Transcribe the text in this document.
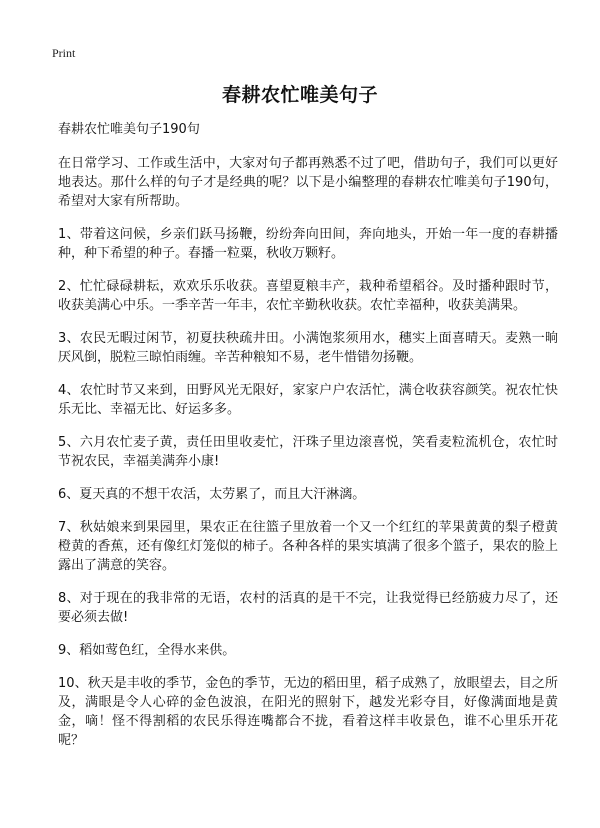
Print
春耕农忙唯美句子

春耕农忙唯美句子190句

在日常学习、工作或生活中，大家对句子都再熟悉不过了吧，借助句子，我们可以更好地表达。那什么样的句子才是经典的呢？以下是小编整理的春耕农忙唯美句子190句，希望对大家有所帮助。

1、带着这问候，乡亲们跃马扬鞭，纷纷奔向田间，奔向地头，开始一年一度的春耕播种，种下希望的种子。春播一粒粟，秋收万颗籽。

2、忙忙碌碌耕耘，欢欢乐乐收获。喜望夏粮丰产，栽种希望稻谷。及时播种跟时节，收获美满心中乐。一季辛苦一年丰，农忙辛勤秋收获。农忙幸福种，收获美满果。

3、农民无暇过闲节，初夏扶秧疏井田。小满饱浆须用水，穗实上面喜晴天。麦熟一晌厌风倒，脱粒三晾怕雨缠。辛苦种粮知不易，老牛惜错勿扬鞭。

4、农忙时节又来到，田野风光无限好，家家户户农活忙，满仓收获容颜笑。祝农忙快乐无比、幸福无比、好运多多。

5、六月农忙麦子黄，责任田里收麦忙，汗珠子里边滚喜悦，笑看麦粒流机仓，农忙时节祝农民，幸福美满奔小康!

6、夏天真的不想干农活，太劳累了，而且大汗淋漓。

7、秋姑娘来到果园里，果农正在往篮子里放着一个又一个红红的苹果黄黄的梨子橙黄橙黄的香蕉，还有像红灯笼似的柿子。各种各样的果实填满了很多个篮子，果农的脸上露出了满意的笑容。

8、对于现在的我非常的无语，农村的活真的是干不完，让我觉得已经筋疲力尽了，还要必须去做!

9、稻如莺色红，全得水来供。

10、秋天是丰收的季节，金色的季节，无边的稻田里，稻子成熟了，放眼望去，目之所及，满眼是令人心碎的金色波浪，在阳光的照射下，越发光彩夺目，好像满面地是黄金，嘀！怪不得割稻的农民乐得连嘴都合不拢，看着这样丰收景色，谁不心里乐开花呢？
